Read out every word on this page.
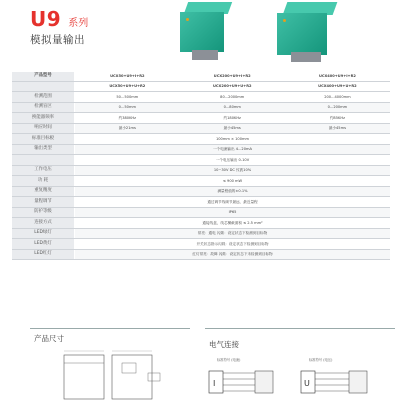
U9 系列
模拟量输出
产品型号	UCX50+U9+I+R2	UCX200+U9+I+R2	UCX400+U9+I+R2
	UCX50+U9+U+R2	UCX200+U9+U+R2	UCX400+U9+U+R2
检测范围	50...500mm	80...2000mm	200...4000mm
检测盲区	0...50mm	0...80mm	0...200mm
换能器频率	约380KHz	约180KHz	约85KHz
响应时间	最小21ms	最小45ms	最小45ms
标准目标板	100mm × 100mm		
输出类型	一个电流输出 4...20mA		
	一个电压输出 0-10V		
工作电压	10~30V DC 纹波10%		
功 耗	≤ 900 mW		
重复精度	满量程值的±0.1%		
量程调节	通过调节线调节最远、最近量程		
防护等级	IP65		
连接方式	通接线盒，线芯横截面积 ≤ 2.5 mm²		
LED绿灯	常亮：通电 闪烁：设定状态下检测到目标物		
LED黄灯	开关状态指示闪烁：设定状态下检测到目标物		
LED红灯	红灯常亮：故障 闪烁：设定状态下未检测到目标物		
产品尺寸
电气连接
标准符号 (电流)	标准符号 (电压)
I	U
